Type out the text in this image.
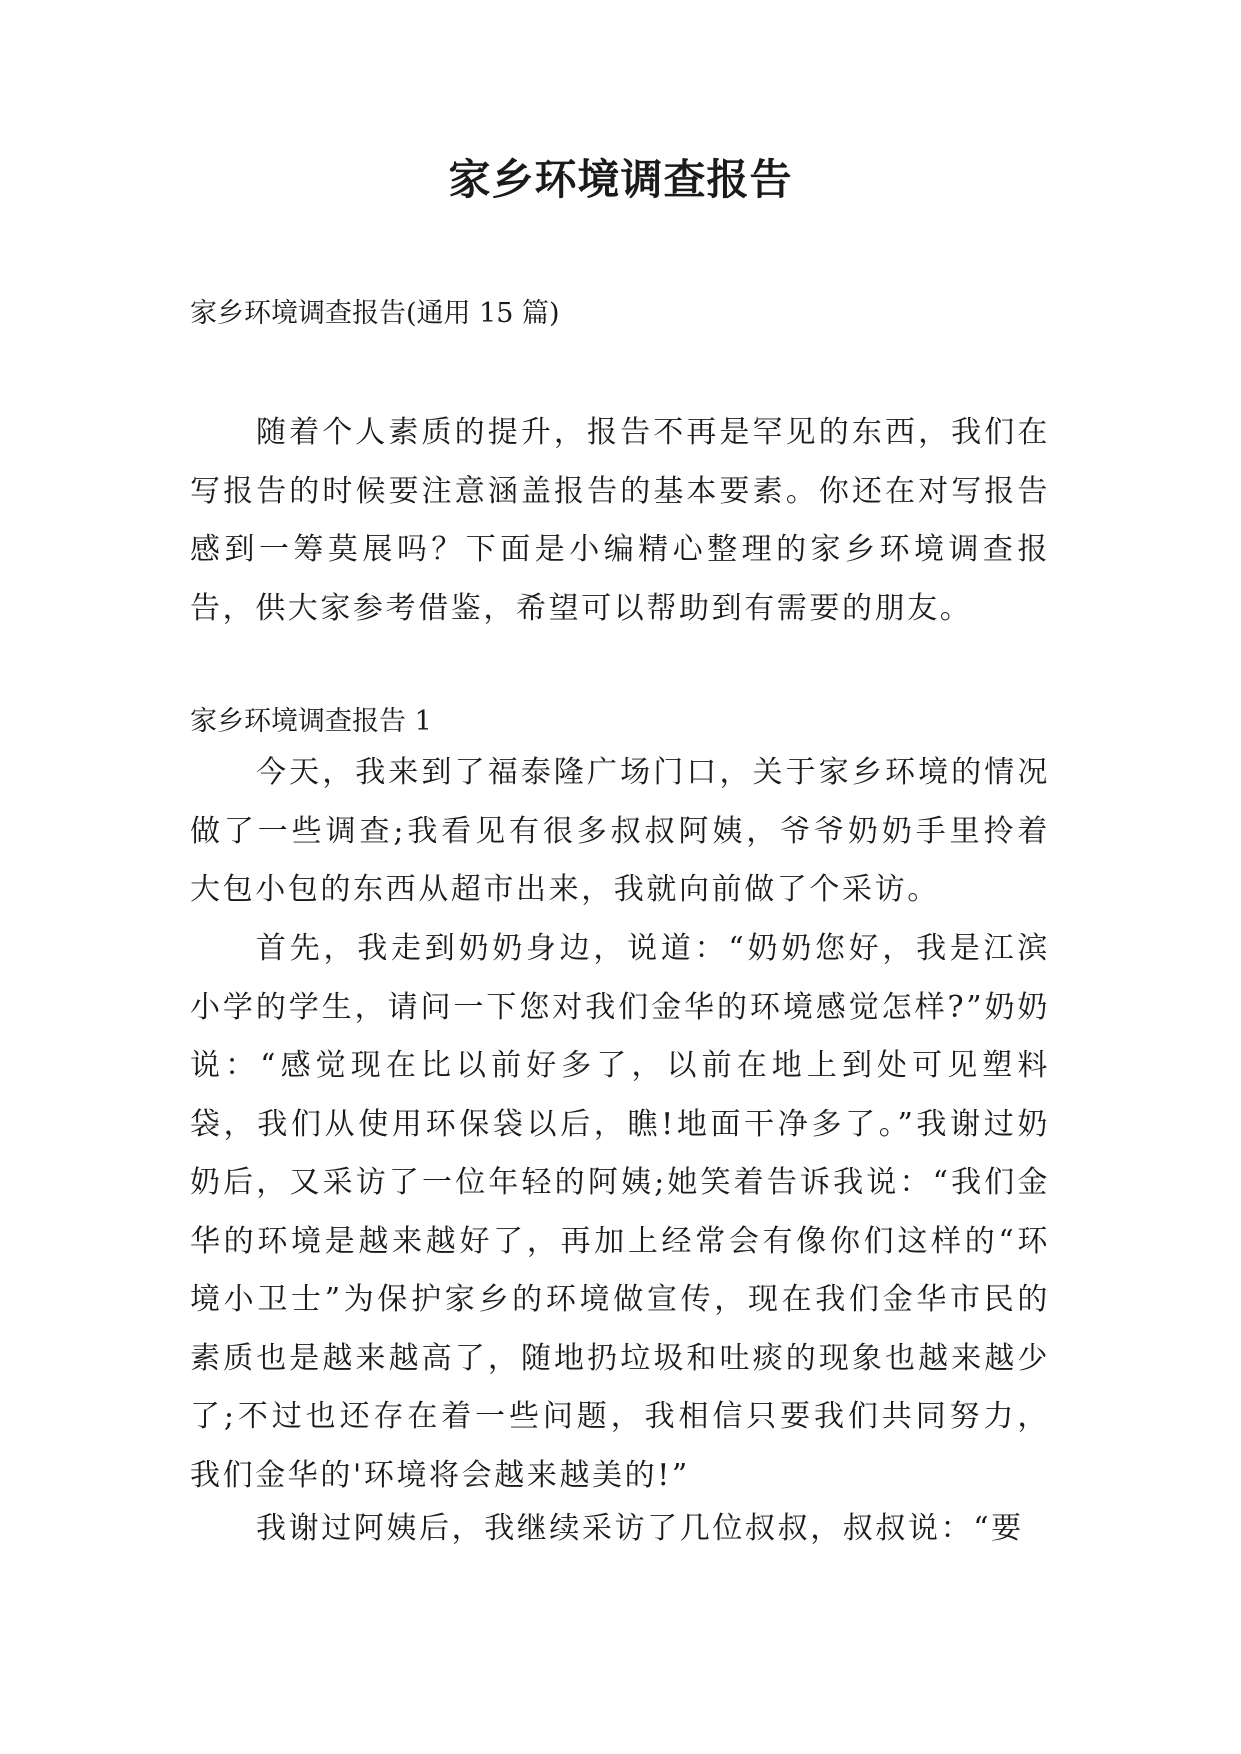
家乡环境调查报告
家乡环境调查报告(通用 15 篇)

随着个人素质的提升，报告不再是罕见的东西，我们在写报告的时候要注意涵盖报告的基本要素。你还在对写报告感到一筹莫展吗？下面是小编精心整理的家乡环境调查报告，供大家参考借鉴，希望可以帮助到有需要的朋友。

家乡环境调查报告 1

今天，我来到了福泰隆广场门口，关于家乡环境的情况做了一些调查;我看见有很多叔叔阿姨，爷爷奶奶手里拎着大包小包的东西从超市出来，我就向前做了个采访。

首先，我走到奶奶身边，说道：“奶奶您好，我是江滨小学的学生，请问一下您对我们金华的环境感觉怎样?”奶奶说：“感觉现在比以前好多了，以前在地上到处可见塑料袋，我们从使用环保袋以后，瞧!地面干净多了。”我谢过奶奶后，又采访了一位年轻的阿姨;她笑着告诉我说：“我们金华的环境是越来越好了，再加上经常会有像你们这样的“环境小卫士”为保护家乡的环境做宣传，现在我们金华市民的素质也是越来越高了，随地扔垃圾和吐痰的现象也越来越少了;不过也还存在着一些问题，我相信只要我们共同努力，我们金华的'环境将会越来越美的!”

我谢过阿姨后，我继续采访了几位叔叔，叔叔说：“要
